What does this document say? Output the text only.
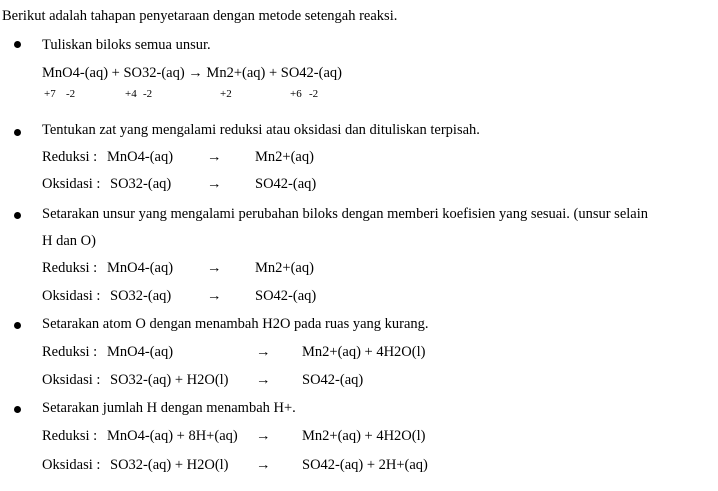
Berikut adalah tahapan penyetaraan dengan metode setengah reaksi.
Tuliskan biloks semua unsur.
MnO4-(aq) + SO32-(aq) → Mn2+(aq) + SO42-(aq)
+7 -2	+4 -2	+2	+6 -2
Tentukan zat yang mengalami reduksi atau oksidasi dan dituliskan terpisah.
Reduksi : MnO4-(aq) → Mn2+(aq)
Oksidasi : SO32-(aq) → SO42-(aq)
Setarakan unsur yang mengalami perubahan biloks dengan memberi koefisien yang sesuai. (unsur selain
H dan O)
Reduksi : MnO4-(aq) → Mn2+(aq)
Oksidasi : SO32-(aq) → SO42-(aq)
Setarakan atom O dengan menambah H2O pada ruas yang kurang.
Reduksi : MnO4-(aq)	→ Mn2+(aq) + 4H2O(l)
Oksidasi : SO32-(aq) + H2O(l) → SO42-(aq)
Setarakan jumlah H dengan menambah H+.
Reduksi : MnO4-(aq) + 8H+(aq) → Mn2+(aq) + 4H2O(l)
Oksidasi : SO32-(aq) + H2O(l) → SO42-(aq) + 2H+(aq)
